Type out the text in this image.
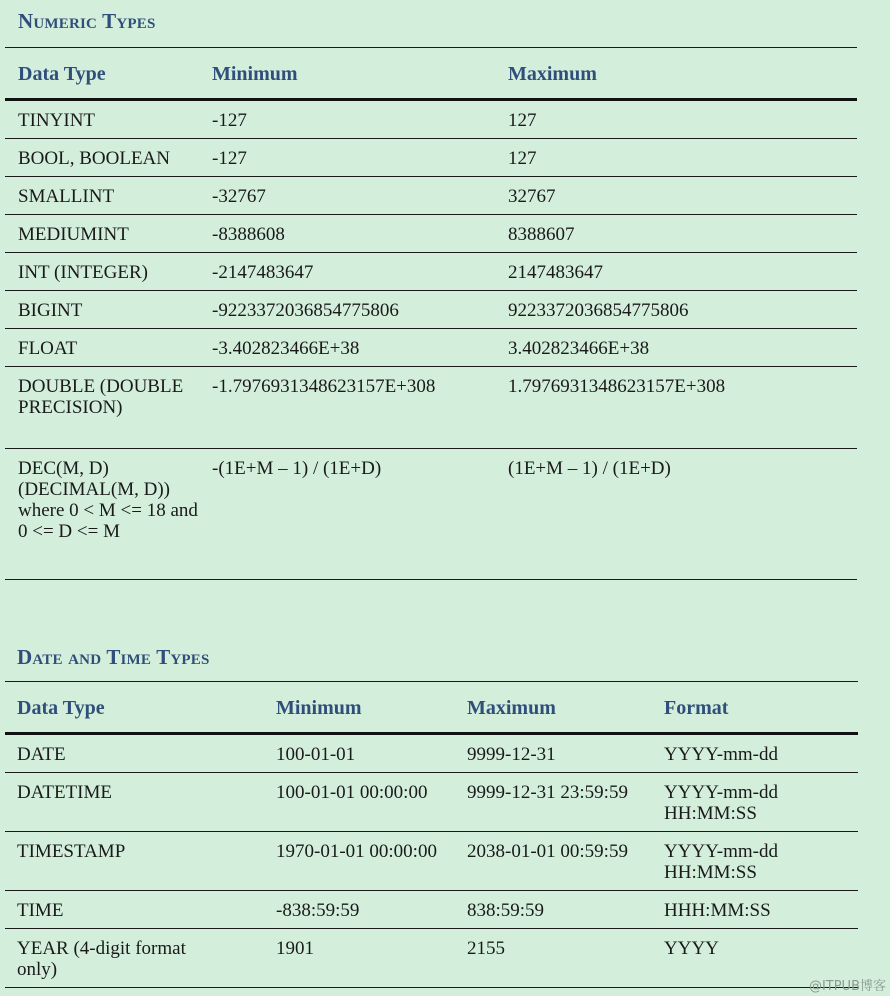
Numeric Types
Data Type	Minimum	Maximum
TINYINT	-127	127
BOOL, BOOLEAN	-127	127
SMALLINT	-32767	32767
MEDIUMINT	-8388608	8388607
INT (INTEGER)	-2147483647	2147483647
BIGINT	-9223372036854775806	9223372036854775806
FLOAT	-3.402823466E+38	3.402823466E+38
DOUBLE (DOUBLE PRECISION)	-1.7976931348623157E+308	1.7976931348623157E+308
DEC(M, D) (DECIMAL(M, D)) where 0 < M <= 18 and 0 <= D <= M	-(1E+M – 1) / (1E+D)	(1E+M – 1) / (1E+D)
Date and Time Types
Data Type	Minimum	Maximum	Format
DATE	100-01-01	9999-12-31	YYYY-mm-dd
DATETIME	100-01-01 00:00:00	9999-12-31 23:59:59	YYYY-mm-dd HH:MM:SS
TIMESTAMP	1970-01-01 00:00:00	2038-01-01 00:59:59	YYYY-mm-dd HH:MM:SS
TIME	-838:59:59	838:59:59	HHH:MM:SS
YEAR (4-digit format only)	1901	2155	YYYY
@ITPUB博客
